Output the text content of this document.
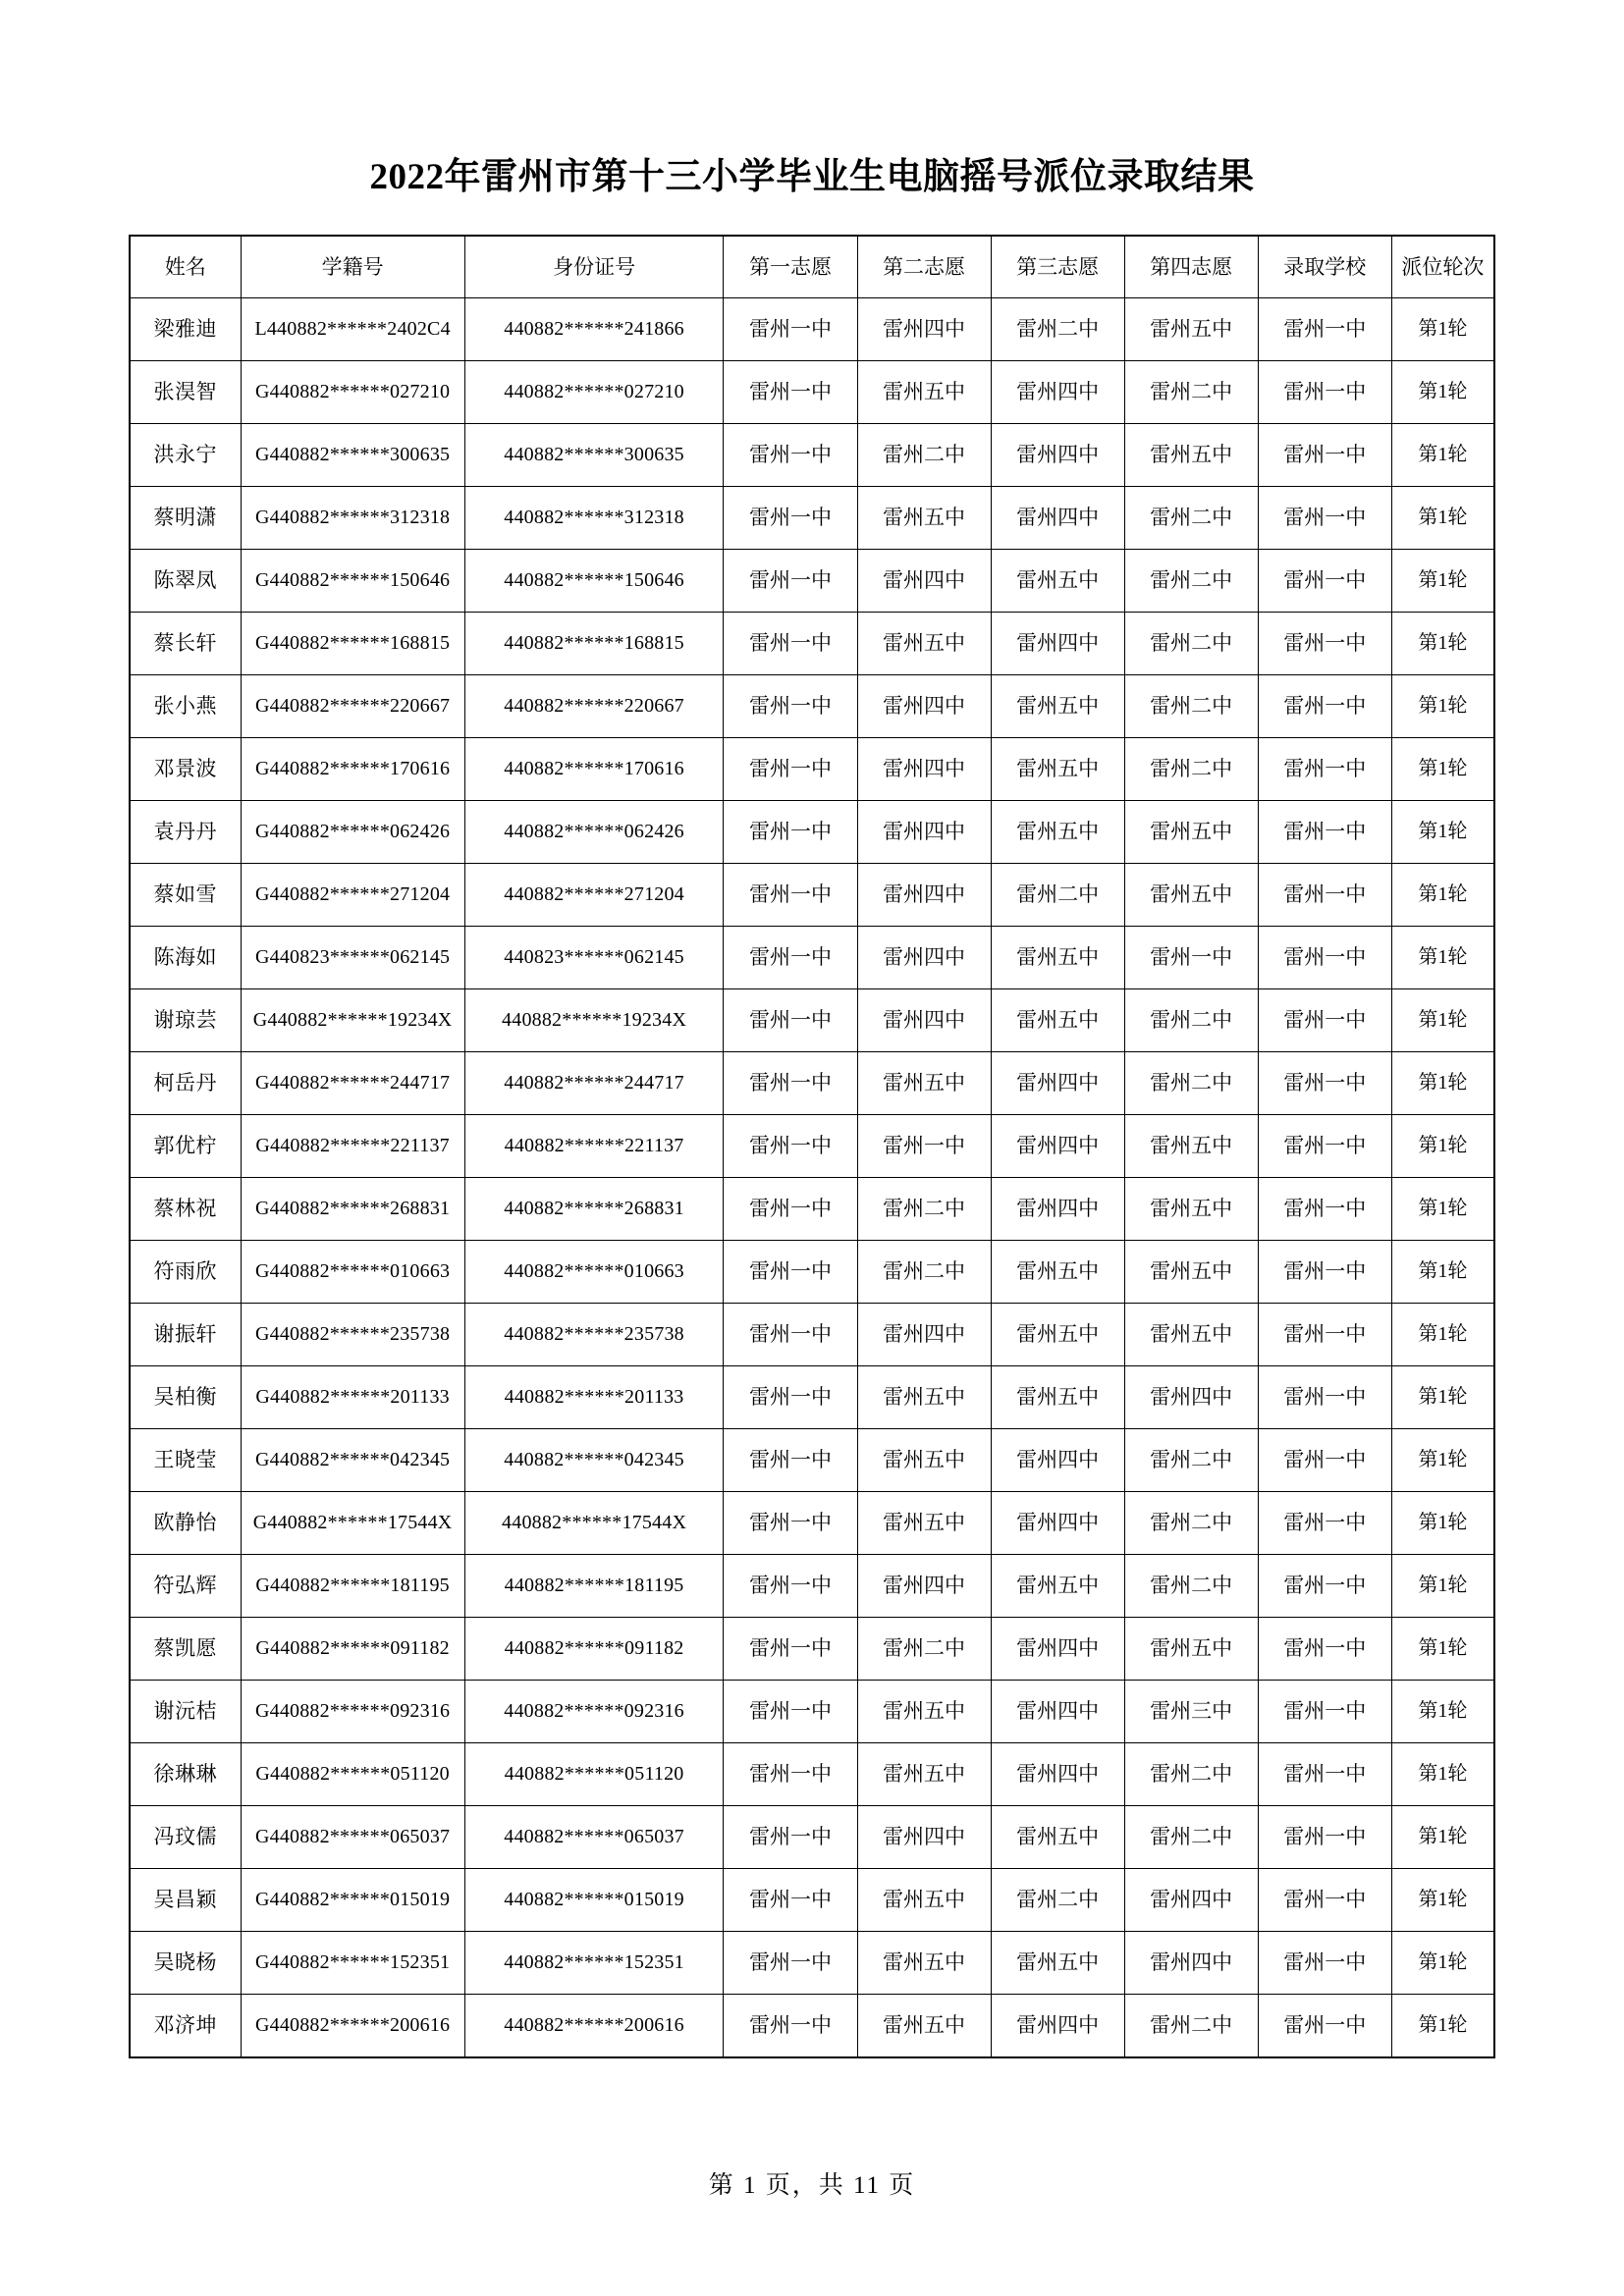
2022年雷州市第十三小学毕业生电脑摇号派位录取结果
姓名	学籍号	身份证号	第一志愿	第二志愿	第三志愿	第四志愿	录取学校	派位轮次
梁雅迪	L440882******2402C4	440882******241866	雷州一中	雷州四中	雷州二中	雷州五中	雷州一中	第1轮
张淏智	G440882******027210	440882******027210	雷州一中	雷州五中	雷州四中	雷州二中	雷州一中	第1轮
洪永宁	G440882******300635	440882******300635	雷州一中	雷州二中	雷州四中	雷州五中	雷州一中	第1轮
蔡明潇	G440882******312318	440882******312318	雷州一中	雷州五中	雷州四中	雷州二中	雷州一中	第1轮
陈翠凤	G440882******150646	440882******150646	雷州一中	雷州四中	雷州五中	雷州二中	雷州一中	第1轮
蔡长轩	G440882******168815	440882******168815	雷州一中	雷州五中	雷州四中	雷州二中	雷州一中	第1轮
张小燕	G440882******220667	440882******220667	雷州一中	雷州四中	雷州五中	雷州二中	雷州一中	第1轮
邓景波	G440882******170616	440882******170616	雷州一中	雷州四中	雷州五中	雷州二中	雷州一中	第1轮
袁丹丹	G440882******062426	440882******062426	雷州一中	雷州四中	雷州五中	雷州五中	雷州一中	第1轮
蔡如雪	G440882******271204	440882******271204	雷州一中	雷州四中	雷州二中	雷州五中	雷州一中	第1轮
陈海如	G440823******062145	440823******062145	雷州一中	雷州四中	雷州五中	雷州一中	雷州一中	第1轮
谢琼芸	G440882******19234X	440882******19234X	雷州一中	雷州四中	雷州五中	雷州二中	雷州一中	第1轮
柯岳丹	G440882******244717	440882******244717	雷州一中	雷州五中	雷州四中	雷州二中	雷州一中	第1轮
郭优柠	G440882******221137	440882******221137	雷州一中	雷州一中	雷州四中	雷州五中	雷州一中	第1轮
蔡林祝	G440882******268831	440882******268831	雷州一中	雷州二中	雷州四中	雷州五中	雷州一中	第1轮
符雨欣	G440882******010663	440882******010663	雷州一中	雷州二中	雷州五中	雷州五中	雷州一中	第1轮
谢振轩	G440882******235738	440882******235738	雷州一中	雷州四中	雷州五中	雷州五中	雷州一中	第1轮
吴柏衡	G440882******201133	440882******201133	雷州一中	雷州五中	雷州五中	雷州四中	雷州一中	第1轮
王晓莹	G440882******042345	440882******042345	雷州一中	雷州五中	雷州四中	雷州二中	雷州一中	第1轮
欧静怡	G440882******17544X	440882******17544X	雷州一中	雷州五中	雷州四中	雷州二中	雷州一中	第1轮
符弘辉	G440882******181195	440882******181195	雷州一中	雷州四中	雷州五中	雷州二中	雷州一中	第1轮
蔡凯愿	G440882******091182	440882******091182	雷州一中	雷州二中	雷州四中	雷州五中	雷州一中	第1轮
谢沅桔	G440882******092316	440882******092316	雷州一中	雷州五中	雷州四中	雷州三中	雷州一中	第1轮
徐琳琳	G440882******051120	440882******051120	雷州一中	雷州五中	雷州四中	雷州二中	雷州一中	第1轮
冯玟儒	G440882******065037	440882******065037	雷州一中	雷州四中	雷州五中	雷州二中	雷州一中	第1轮
吴昌颖	G440882******015019	440882******015019	雷州一中	雷州五中	雷州二中	雷州四中	雷州一中	第1轮
吴晓杨	G440882******152351	440882******152351	雷州一中	雷州五中	雷州五中	雷州四中	雷州一中	第1轮
邓济坤	G440882******200616	440882******200616	雷州一中	雷州五中	雷州四中	雷州二中	雷州一中	第1轮
第 1 页，共 11 页
